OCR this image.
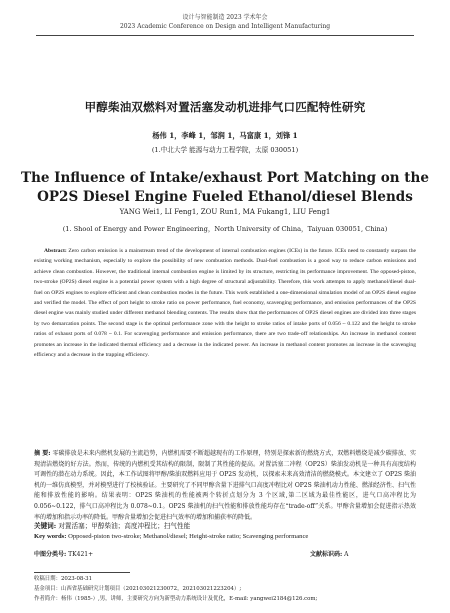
设计与智能制造 2023 学术年会
2023 Academic Conference on Design and Intelligent Manufacturing
甲醇柴油双燃料对置活塞发动机进排气口匹配特性研究
杨伟 1，李峰 1，邹润 1，马富康 1，刘锋 1
(1.中北大学 能源与动力工程学院，太原 030051)
The Influence of Intake/exhaust Port Matching on the OP2S Diesel Engine Fueled Ethanol/diesel Blends
YANG Wei1, LI Feng1, ZOU Run1, MA Fukang1, LIU Feng1
(1. Shool of Energy and Power Engineering，North University of China，Taiyuan 030051, China)
Abstract: Zero carbon emission is a mainstream trend of the development of internal combustion engines (ICEs) in the future. ICEs need to constantly surpass the existing working mechanism, especially to explore the possibility of new combustion methods. Dual-fuel combustion is a good way to reduce carbon emissions and achieve clean combustion. However, the traditional internal combustion engine is limited by its structure, restricting its performance improvement. The opposed-piston, two-stroke (OP2S) diesel engine is a potential power system with a high degree of structural adjustability. Therefore, this work attempts to apply methanol/diesel dual-fuel on OP2S engines to explore efficient and clean combustion modes in the future. This work established a one-dimensional simulation model of an OP2S diesel engine and verified the model. The effect of port height to stroke ratio on power performance, fuel economy, scavenging performance, and emission performances of the OP2S diesel engine was mainly studied under different methanol blending contents. The results show that the performances of OP2S diesel engines are divided into three stages by two demarcation points. The second stage is the optimal performance zone with the height to stroke ratios of intake ports of 0.056 ~ 0.122 and the height to stroke ratios of exhaust ports of 0.078 ~ 0.1. For scavenging performance and emission performance, there are two trade-off relationships. An increase in methanol content promotes an increase in the indicated thermal efficiency and a decrease in the indicated power. An increase in methanol content promotes an increase in the scavenging efficiency and a decrease in the trapping efficiency.
摘 要: 零碳排放是未来内燃机发展的主流趋势，内燃机需要不断超越现有的工作原理，特别是探索新的燃烧方式，双燃料燃烧是减少碳排放、实现清洁燃烧的好方法。然而，传统的内燃机受其结构的限制，限制了其性能的提高。对置活塞二冲程（OP2S）柴油发动机是一种具有高度结构可调性的潜在动力系统。因此，本工作试图将甲醇/柴油双燃料应用于 OP2S 发动机，以探索未来高效清洁的燃烧模式。本文建立了 OP2S 柴油机的一维仿真模型，并对模型进行了校核验证。主要研究了不同甲醇含量下进排气口高度冲程比对 OP2S 柴油机动力性能、燃油经济性、扫气性能和排放性能的影响。结果表明：OP2S 柴油机的性能被两个转折点划分为 3 个区域,第二区域为最佳性能区，进气口高冲程比为 0.056~0.122，排气口高冲程比为 0.078~0.1。OP2S 柴油机的扫气性能和排放性能均存在“trade-off”关系。甲醇含量增加会促进指示热效率的增加和指示功率的降低。甲醇含量增加会促进扫气效率的增加和捕获率的降低。
关键词: 对置活塞；甲醇柴油；高度冲程比；扫气性能
Key words: Opposed-piston two-stroke; Methanol/diesel; Height-stroke ratio; Scavenging performance
中图分类号: TK421+	文献标识码: A
收稿日期：2023-08-31
基金项目：山西省基础研究计划项目（202103021230072，202103021223204）;
作者简介：杨伟（1985-）,男，讲师，主要研究方向为新型动力系统设计及优化，E-mail: yangwei2184@126.com;
